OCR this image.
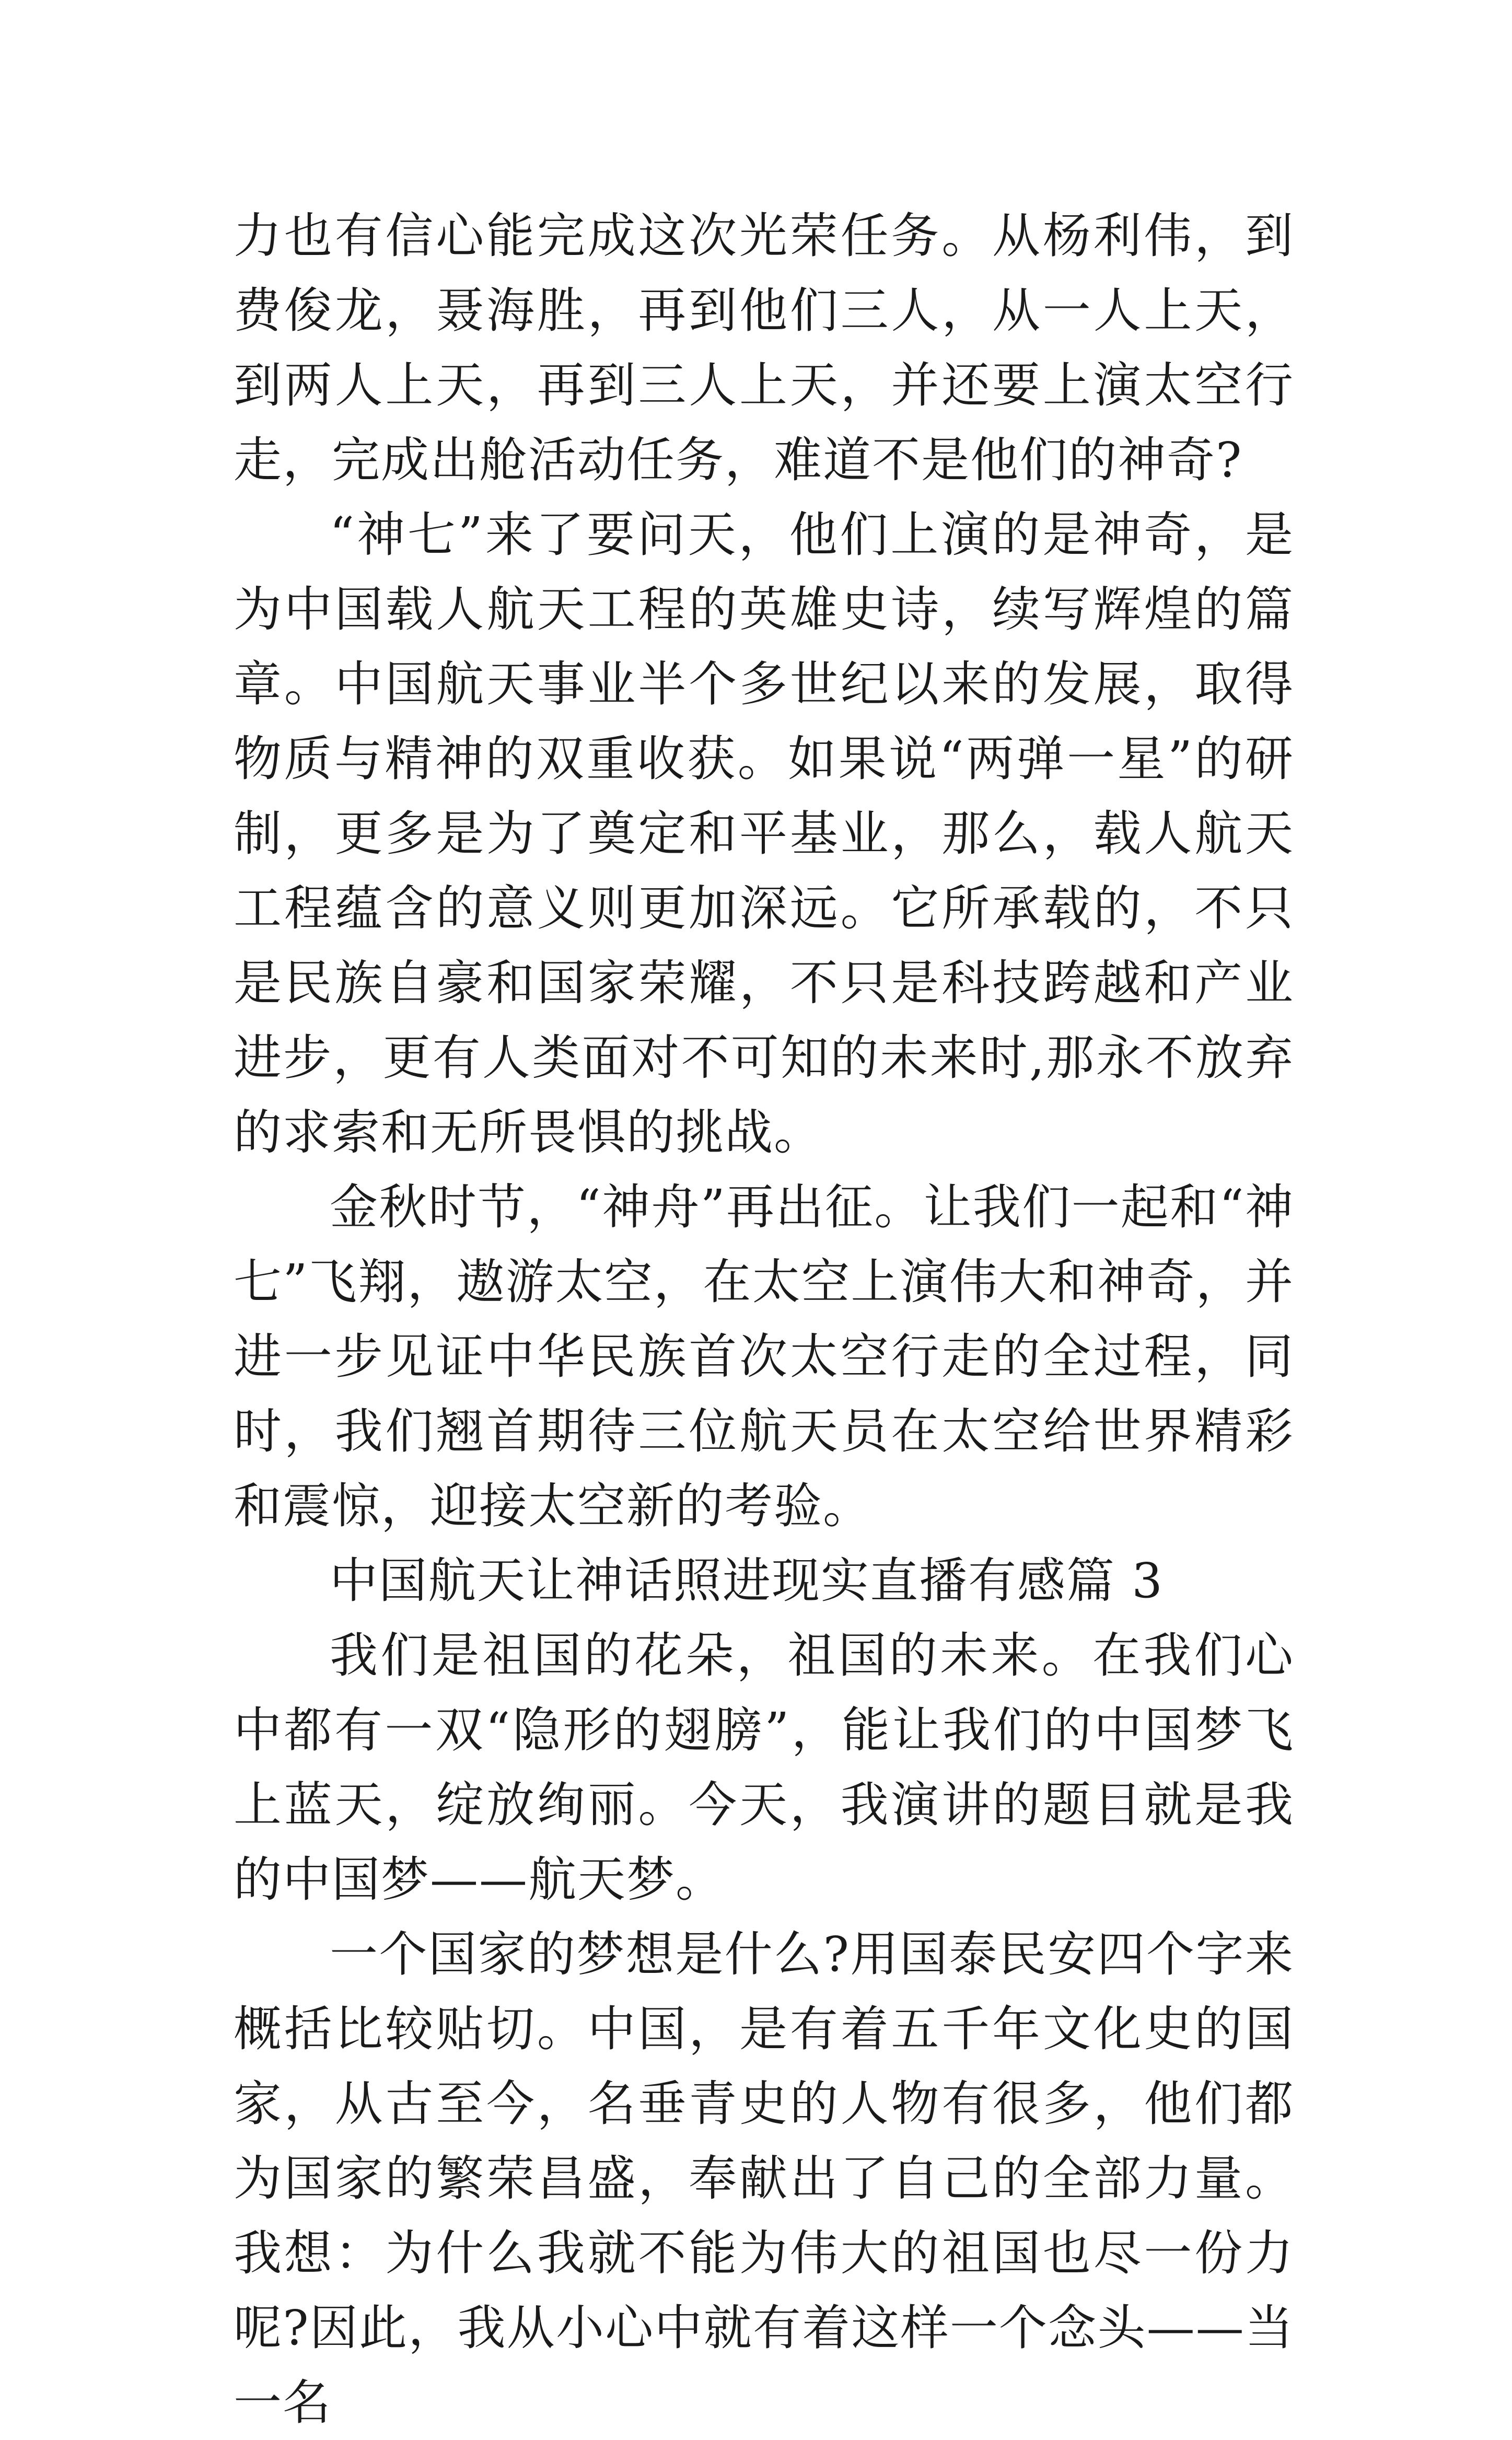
力也有信心能完成这次光荣任务。从杨利伟，到费俊龙，聂海胜，再到他们三人，从一人上天，到两人上天，再到三人上天，并还要上演太空行走，完成出舱活动任务，难道不是他们的神奇?

“神七”来了要问天，他们上演的是神奇，是为中国载人航天工程的英雄史诗，续写辉煌的篇章。中国航天事业半个多世纪以来的发展，取得物质与精神的双重收获。如果说“两弹一星”的研制，更多是为了奠定和平基业，那么，载人航天工程蕴含的意义则更加深远。它所承载的，不只是民族自豪和国家荣耀，不只是科技跨越和产业进步，更有人类面对不可知的未来时,那永不放弃的求索和无所畏惧的挑战。

金秋时节，“神舟”再出征。让我们一起和“神七”飞翔，遨游太空，在太空上演伟大和神奇，并进一步见证中华民族首次太空行走的全过程，同时，我们翘首期待三位航天员在太空给世界精彩和震惊，迎接太空新的考验。

中国航天让神话照进现实直播有感篇 3

我们是祖国的花朵，祖国的未来。在我们心中都有一双“隐形的翅膀”，能让我们的中国梦飞上蓝天，绽放绚丽。今天，我演讲的题目就是我的中国梦——航天梦。

一个国家的梦想是什么?用国泰民安四个字来概括比较贴切。中国，是有着五千年文化史的国家，从古至今，名垂青史的人物有很多，他们都为国家的繁荣昌盛，奉献出了自己的全部力量。我想：为什么我就不能为伟大的祖国也尽一份力呢?因此，我从小心中就有着这样一个念头——当一名
